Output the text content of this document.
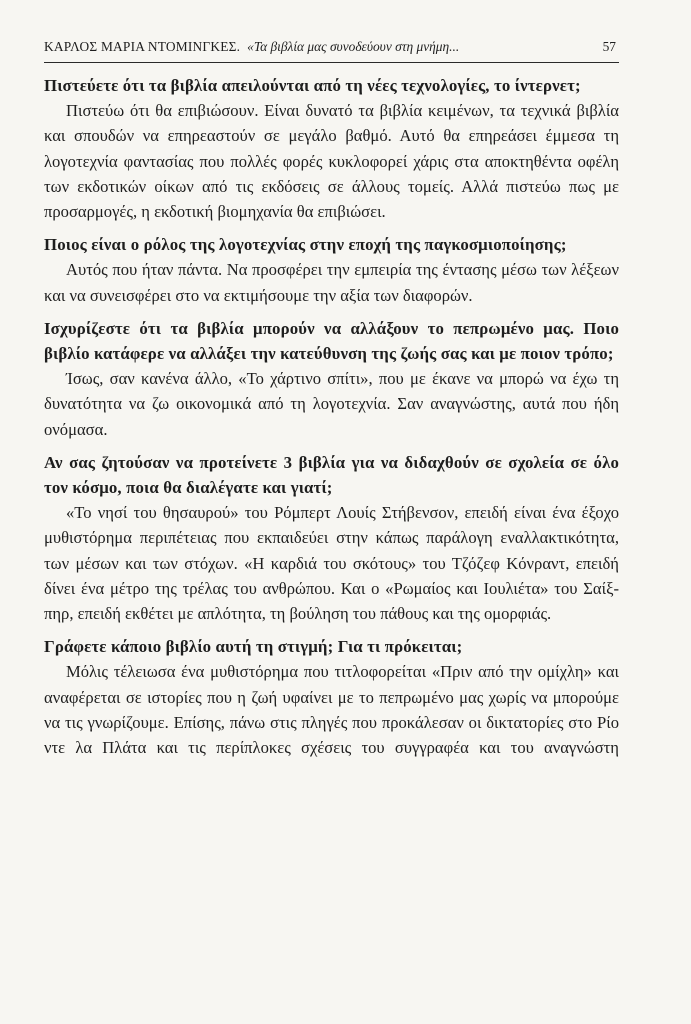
ΚΑΡΛΟΣ ΜΑΡΙΑ ΝΤΟΜΙΝΓΚΕΣ. «Τα βιβλία μας συνοδεύουν στη μνήμη...	57

Πιστεύετε ότι τα βιβλία απειλούνται από τη νέες τεχνολογίες, το ίντερνετ;

Πιστεύω ότι θα επιβιώσουν. Είναι δυνατό τα βιβλία κειμένων, τα τεχνικά βιβλία και σπουδών να επηρεαστούν σε μεγάλο βαθμό. Αυτό θα επηρεάσει έμμεσα τη λογοτεχνία φαντασίας που πολλές φορές κυκλοφορεί χάρις στα αποκτηθέντα οφέλη των εκδοτικών οίκων από τις εκδόσεις σε άλλους τομείς. Αλλά πιστεύω πως με προσαρμογές, η εκδοτική βιομηχανία θα επιβιώσει.

Ποιος είναι ο ρόλος της λογοτεχνίας στην εποχή της παγκοσμιοποίησης;

Αυτός που ήταν πάντα. Να προσφέρει την εμπειρία της έντασης μέσω των λέξεων και να συνεισφέρει στο να εκτιμήσουμε την αξία των διαφορών.

Ισχυρίζεστε ότι τα βιβλία μπορούν να αλλάξουν το πεπρωμένο μας. Ποιο βιβλίο κατάφερε να αλλάξει την κατεύθυνση της ζωής σας και με ποιον τρόπο;

Ίσως, σαν κανένα άλλο, «Το χάρτινο σπίτι», που με έκανε να μπορώ να έχω τη δυνατότητα να ζω οικονομικά από τη λογοτεχνία. Σαν αναγνώστης, αυτά που ήδη ονόμασα.

Αν σας ζητούσαν να προτείνετε 3 βιβλία για να διδαχθούν σε σχολεία σε όλο τον κόσμο, ποια θα διαλέγατε και γιατί;

«Το νησί του θησαυρού» του Ρόμπερτ Λουίς Στήβενσον, επειδή είναι ένα έξοχο μυθιστόρημα περιπέτειας που εκπαιδεύει στην κάπως παράλογη εναλλακτικότητα, των μέσων και των στόχων. «Η καρδιά του σκότους» του Τζόζεφ Κόνραντ, επειδή δίνει ένα μέτρο της τρέλας του ανθρώπου. Και ο «Ρωμαίος και Ιουλιέτα» του Σαίξπηρ, επειδή εκθέτει με απλότητα, τη βούληση του πάθους και της ομορφιάς.

Γράφετε κάποιο βιβλίο αυτή τη στιγμή; Για τι πρόκειται;

Μόλις τέλειωσα ένα μυθιστόρημα που τιτλοφορείται «Πριν από την ομίχλη» και αναφέρεται σε ιστορίες που η ζωή υφαίνει με το πεπρωμένο μας χωρίς να μπορούμε να τις γνωρίζουμε. Επίσης, πάνω στις πληγές που προκάλεσαν οι δικτατορίες στο Ρίο ντε λα Πλάτα και τις περίπλοκες σχέσεις του συγγραφέα και του αναγνώστη
